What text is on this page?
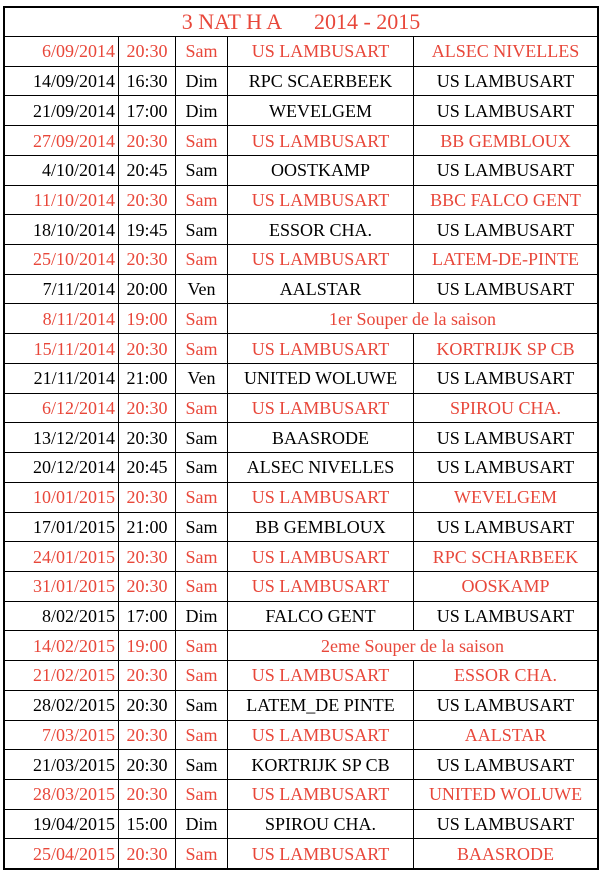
3 NAT H A      2014 - 2015
6/09/2014 20:30 Sam	US LAMBUSART	ALSEC NIVELLES
14/09/2014 16:30 Dim	RPC SCAERBEEK	US LAMBUSART
21/09/2014 17:00 Dim	WEVELGEM	US LAMBUSART
27/09/2014 20:30 Sam	US LAMBUSART	BB GEMBLOUX
4/10/2014 20:45 Sam	OOSTKAMP	US LAMBUSART
11/10/2014 20:30 Sam	US LAMBUSART	BBC FALCO GENT
18/10/2014 19:45 Sam	ESSOR CHA.	US LAMBUSART
25/10/2014 20:30 Sam	US LAMBUSART	LATEM-DE-PINTE
7/11/2014 20:00	Ven	AALSTAR	US LAMBUSART
8/11/2014 19:00 Sam	1er Souper de la saison
15/11/2014 20:30 Sam	US LAMBUSART	KORTRIJK SP CB
21/11/2014 21:00	Ven	UNITED WOLUWE	US LAMBUSART
6/12/2014 20:30 Sam	US LAMBUSART	SPIROU CHA.
13/12/2014 20:30 Sam	BAASRODE	US LAMBUSART
20/12/2014 20:45 Sam	ALSEC NIVELLES	US LAMBUSART
10/01/2015 20:30 Sam	US LAMBUSART	WEVELGEM
17/01/2015 21:00 Sam	BB GEMBLOUX	US LAMBUSART
24/01/2015 20:30 Sam	US LAMBUSART	RPC SCHARBEEK
31/01/2015 20:30 Sam	US LAMBUSART	OOSKAMP
8/02/2015 17:00 Dim	FALCO GENT	US LAMBUSART
14/02/2015 19:00 Sam	2eme Souper de la saison
21/02/2015 20:30 Sam	US LAMBUSART	ESSOR CHA.
28/02/2015 20:30 Sam	LATEM_DE PINTE	US LAMBUSART
7/03/2015 20:30 Sam	US LAMBUSART	AALSTAR
21/03/2015 20:30 Sam	KORTRIJK SP CB	US LAMBUSART
28/03/2015 20:30 Sam	US LAMBUSART	UNITED WOLUWE
19/04/2015 15:00 Dim	SPIROU CHA.	US LAMBUSART
25/04/2015 20:30 Sam	US LAMBUSART	BAASRODE
